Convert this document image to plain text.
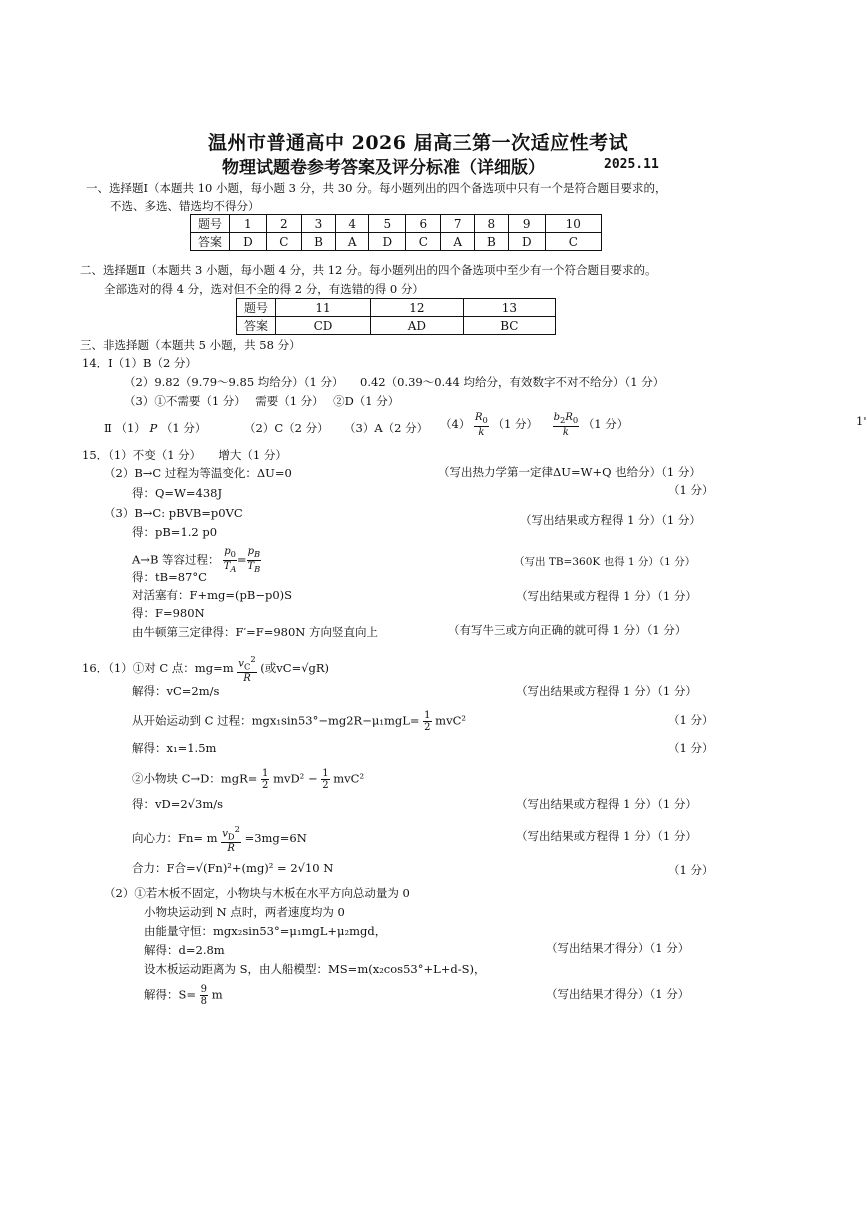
温州市普通高中 2026 届高三第一次适应性考试
物理试题卷参考答案及评分标准（详细版）	2025.11
一、选择题Ⅰ（本题共 10 小题，每小题 3 分，共 30 分。每小题列出的四个备选项中只有一个是符合题目要求的，
不选、多选、错选均不得分）
题号	1	2	3	4	5	6	7	8	9	10
答案	D	C	B	A	D	C	A	B	D	C
二、选择题Ⅱ（本题共 3 小题，每小题 4 分，共 12 分。每小题列出的四个备选项中至少有一个符合题目要求的。
全部选对的得 4 分，选对但不全的得 2 分，有选错的得 0 分）
题号	11	12	13
答案	CD	AD	BC
三、非选择题（本题共 5 小题，共 58 分）
14．Ⅰ（1）B（2 分）
（2）9.82（9.79～9.85 均给分）（1 分） 0.42（0.39～0.44 均给分，有效数字不对不给分）（1 分）
（3）①不需要（1 分）　 需要（1 分）　 ②D（1 分）
Ⅱ （1） P （1 分）	（2）C（2 分） （3）A（2 分） $(4) \frac{R_0}{k} (1$ 分） $\frac{b_2R_0}{k} (1$ 分）	1'
15．（1）不变（1 分）　　增大（1 分）
（2）B→C 过程为等温变化：ΔU=0	（写出热力学第一定律ΔU=W+Q 也给分）（1 分）
得：Q=W=438J	（1 分）
（3）B→C: pBVB=p0VC	（写出结果或方程得 1 分）（1 分）
得：pB=1.2 p0
A→B 等容过程： $\frac{p_0}{T_A} = \frac{p_B}{T_B}$	（写出 TB=360K 也得 1 分）（1 分）
得：tB=87°C
对活塞有：F+mg=(pB−p0)S	（写出结果或方程得 1 分）（1 分）
得：F=980N
由牛顿第三定律得：F′=F=980N 方向竖直向上	（有写牛三或方向正确的就可得 1 分）（1 分）
16．（1）①对 C 点：$mg=m \frac{v_C^2}{R}$ (或vC=√gR)
解得：vC=2m/s	（写出结果或方程得 1 分）（1 分）
从开始运动到 C 过程：$mgx_1\sin 53^\circ-mg2R-\mu_1mgL= \frac{1}{2} mvC^2$	（1 分）
解得：x₁=1.5m	（1 分）
②小物块 C→D：$mgR= \frac{1}{2} mvD^2 - \frac{1}{2} mvC^2$
得：vD=2√3m/s	（写出结果或方程得 1 分）（1 分）
向心力：Fn= m $\frac{v_D^2}{R} =3mg=6N$	（写出结果或方程得 1 分）（1 分）
合力：F合=√(Fn)²+(mg)² = 2√10 N	（1 分）
（2）①若木板不固定，小物块与木板在水平方向总动量为 0
小物块运动到 N 点时，两者速度均为 0
由能量守恒：mgx₂sin53°=μ₁mgL+μ₂mgd，
解得：d=2.8m	（写出结果才得分）（1 分）
设木板运动距离为 S，由人船模型：MS=m(x₂cos53°+L+d-S)，
解得：$S= \frac{9}{8}$ m	（写出结果才得分）（1 分）
